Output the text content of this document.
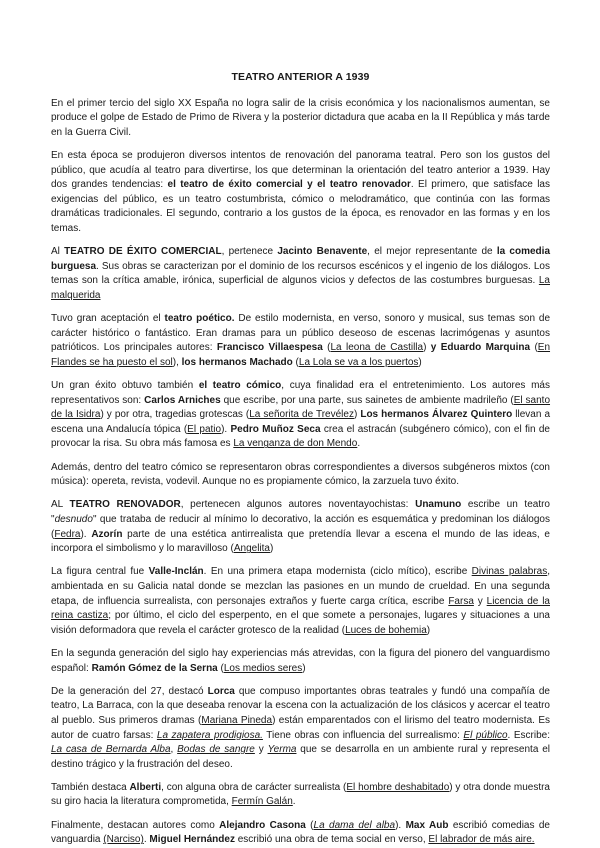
TEATRO ANTERIOR A 1939

En el primer tercio del siglo XX España no logra salir de la crisis económica y los nacionalismos aumentan, se produce el golpe de Estado de Primo de Rivera y la posterior dictadura que acaba en la II República y más tarde en la Guerra Civil.

En esta época se produjeron diversos intentos de renovación del panorama teatral. Pero son los gustos del público, que acudía al teatro para divertirse, los que determinan la orientación del teatro anterior a 1939. Hay dos grandes tendencias: el teatro de éxito comercial y el teatro renovador. El primero, que satisface las exigencias del público, es un teatro costumbrista, cómico o melodramático, que continúa con las formas dramáticas tradicionales. El segundo, contrario a los gustos de la época, es renovador en las formas y en los temas.

Al TEATRO DE ÉXITO COMERCIAL, pertenece Jacinto Benavente, el mejor representante de la comedia burguesa. Sus obras se caracterizan por el dominio de los recursos escénicos y el ingenio de los diálogos. Los temas son la crítica amable, irónica, superficial de algunos vicios y defectos de las costumbres burguesas. La malquerida

Tuvo gran aceptación el teatro poético. De estilo modernista, en verso, sonoro y musical, sus temas son de carácter histórico o fantástico. Eran dramas para un público deseoso de escenas lacrimógenas y asuntos patrióticos. Los principales autores: Francisco Villaespesa (La leona de Castilla) y Eduardo Marquina (En Flandes se ha puesto el sol), los hermanos Machado (La Lola se va a los puertos)

Un gran éxito obtuvo también el teatro cómico, cuya finalidad era el entretenimiento. Los autores más representativos son: Carlos Arniches que escribe, por una parte, sus sainetes de ambiente madrileño (El santo de la Isidra) y por otra, tragedias grotescas (La señorita de Trevélez) Los hermanos Álvarez Quintero llevan a escena una Andalucía tópica (El patio). Pedro Muñoz Seca crea el astracán (subgénero cómico), con el fin de provocar la risa. Su obra más famosa es La venganza de don Mendo.

Además, dentro del teatro cómico se representaron obras correspondientes a diversos subgéneros mixtos (con música): opereta, revista, vodevil. Aunque no es propiamente cómico, la zarzuela tuvo éxito.

AL TEATRO RENOVADOR, pertenecen algunos autores noventayochistas: Unamuno escribe un teatro "desnudo" que trataba de reducir al mínimo lo decorativo, la acción es esquemática y predominan los diálogos (Fedra). Azorín parte de una estética antirrealista que pretendía llevar a escena el mundo de las ideas, e incorpora el simbolismo y lo maravilloso (Angelita)

La figura central fue Valle-Inclán. En una primera etapa modernista (ciclo mítico), escribe Divinas palabras, ambientada en su Galicia natal donde se mezclan las pasiones en un mundo de crueldad. En una segunda etapa, de influencia surrealista, con personajes extraños y fuerte carga crítica, escribe Farsa y Licencia de la reina castiza; por último, el ciclo del esperpento, en el que somete a personajes, lugares y situaciones a una visión deformadora que revela el carácter grotesco de la realidad (Luces de bohemia)

En la segunda generación del siglo hay experiencias más atrevidas, con la figura del pionero del vanguardismo español: Ramón Gómez de la Serna (Los medios seres)

De la generación del 27, destacó Lorca que compuso importantes obras teatrales y fundó una compañía de teatro, La Barraca, con la que deseaba renovar la escena con la actualización de los clásicos y acercar el teatro al pueblo. Sus primeros dramas (Mariana Pineda) están emparentados con el lirismo del teatro modernista. Es autor de cuatro farsas: La zapatera prodigiosa. Tiene obras con influencia del surrealismo: El público. Escribe: La casa de Bernarda Alba, Bodas de sangre y Yerma que se desarrolla en un ambiente rural y representa el destino trágico y la frustración del deseo.

También destaca Alberti, con alguna obra de carácter surrealista (El hombre deshabitado) y otra donde muestra su giro hacia la literatura comprometida, Fermín Galán.

Finalmente, destacan autores como Alejandro Casona (La dama del alba). Max Aub escribió comedias de vanguardia (Narciso). Miguel Hernández escribió una obra de tema social en verso, El labrador de más aire.
